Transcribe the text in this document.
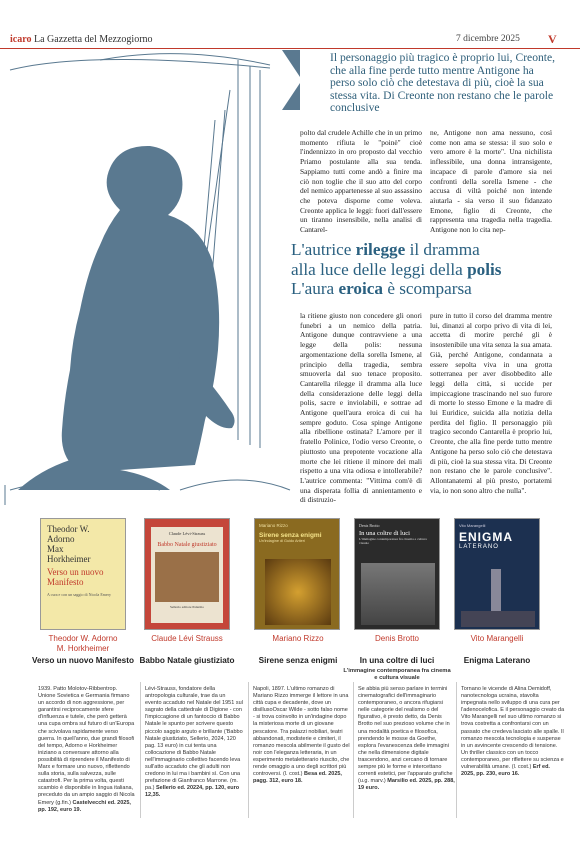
icaro La Gazzetta del Mezzogiorno	7 dicembre 2025 V
Il personaggio più tragico è proprio lui, Creonte, che alla fine perde tutto mentre Antigone ha perso solo ciò che detestava di più, cioè la sua stessa vita. Di Creonte non restano che le parole conclusive
polto dal crudele Achille che in un primo momento rifiuta le "poinè" cioè l'indennizzo in oro proposto dal vecchio Priamo postulante alla sua tenda. Sappiamo tutti come andò a finire ma ciò non toglie che il suo atto del corpo del nemico appartenesse al suo assassino che poteva disporne come voleva. Creonte applica le leggi: fuori dall'essere un tiranno insensibile, nella analisi di Cantarel-
ne, Antigone non ama nessuno, così come non ama se stessa: il suo solo e vero amore è la morte". Una nichilista inflessibile, una donna intransigente, incapace di parole d'amore sia nei confronti della sorella Ismene - che accusa di viltà poiché non intende aiutarla - sia verso il suo fidanzato Emone, figlio di Creonte, che rappresenta una tragedia nella tragedia. Antigone non lo cita nep-
L'autrice rilegge il dramma
alla luce delle leggi della polis
L'aura eroica è scomparsa
la ritiene giusto non concedere gli onori funebri a un nemico della patria. Antigone dunque contravviene a una legge della polis: nessuna argomentazione della sorella Ismene, al principio della tragedia, sembra smuoverla dal suo tenace proposito. Cantarella rilegge il dramma alla luce della considerazione delle leggi della polis, sacre e inviolabili, e sottrae ad Antigone quell'aura eroica di cui ha sempre goduto. Cosa spinge Antigone alla ribellione ostinata? L'amore per il fratello Polinice, l'odio verso Creonte, o piuttosto una prepotente vocazione alla morte che lei ritiene il minore dei mali rispetto a una vita odiosa e intollerabile? L'autrice commenta: "Vittima com'è di una disperata follia di annientamento e di distruzio-
pure in tutto il corso del dramma mentre lui, dinanzi al corpo privo di vita di lei, accetta di morire perché gli è insostenibile una vita senza la sua amata. Già, perché Antigone, condannata a essere sepolta viva in una grotta sotterranea per aver disobbedito alle leggi della città, si uccide per impiccagione trascinando nel suo furore di morte lo stesso Emone e la madre di lui Euridice, suicida alla notizia della perdita del figlio. Il personaggio più tragico secondo Cantarella è proprio lui, Creonte, che alla fine perde tutto mentre Antigone ha perso solo ciò che detestava di più, cioè la sua stessa vita. Di Creonte non restano che le parole conclusive". Allontanatemi al più presto, portatemi via, io non sono altro che nulla".
Theodor W.
Adorno
Max
Horkheimer
Verso un nuovo
Manifesto
A cura e con un saggio di Nicola Emery
Claude Lévi-Strauss
Babbo Natale giustiziato
Sellerio editore Palermo
Mariano Rizzo
Sirene senza enigmi
Un'indagine di Guido Artieri
Denis Brotto
In una coltre di luci
L'immagine contemporanea fra cinema e cultura visuale
Vito Marangelli
ENIGMA
LATERANO
Theodor W. Adorno
M. Horkheimer
Verso un nuovo Manifesto
Claude Lévi Strauss
Babbo Natale giustiziato
Mariano Rizzo
Sirene senza enigmi
Denis Brotto
In una coltre di luci
L'immagine contemporanea fra cinema e cultura visuale
Vito Marangelli
Enigma Laterano
1939. Patto Molotov-Ribbentrop. Unione Sovietica e Germania firmano un accordo di non aggressione, per garantirsi reciprocamente sfere d'influenza e tutele, che però getterà una cupa ombra sul futuro di un'Europa che scivolava rapidamente verso guerra. In quell'anno, due grandi filosofi del tempo, Adorno e Horkheimer iniziano a conversare attorno alla possibilità di riprendere il Manifesto di Marx e formare uno nuovo, riflettendo sulla storia, sulla salvezza, sulle catastrofi. Per la prima volta, questi scambio è disponibile in lingua italiana, preceduto da un ampio saggio di Nicola Emery (g.fin.) Castelvecchi ed. 2025, pp. 192, euro 19.
Lévi-Strauss, fondatore della antropologia culturale, trae da un evento accaduto nel Natale del 1951 sul sagrato della cattedrale di Digione - con l'impiccagione di un fantoccio di Babbo Natale le spunto per scrivere questo piccolo saggio arguto e brillante ('Babbo Natale giustiziato, Sellerio, 2024, 120 pag. 13 euro) in cui tenta una collocazione di Babbo Natale nell'immaginario collettivo facendo leva sull'atto accaduto che gli adulti non credono in lui ma i bambini sì. Con una prefazione di Gianfranco Marrone. (m. pa.) Sellerio ed. 20224, pp. 120, euro 12,35.
Napoli, 1897. L'ultimo romanzo di Mariano Rizzo immerge il lettore in una città cupa e decadente, dove un disillusoOscar Wilde - sotto falso nome - si trova coinvolto in un'indagine dopo la misteriosa morte di un giovane pescatore. Tra palazzi nobiliari, teatri abbandonati, modisterie e cimiteri, il romanzo mescola abilmente il gusto del noir con l'eleganza letteraria, in un esperimento metaletterario riuscito, che rende omaggio a uno degli scrittori più controversi. (l. cost.) Besa ed. 2025, pagg. 312, euro 18.
Se abbia più senso parlare in termini cinematografici dell'immaginario contemporaneo, o ancora rifugiarsi nelle categorie del realismo o del figurativo, è presto detto, da Denis Brotto nel suo prezioso volume che in una modalità poetica e filosofica, prendendo le mosse da Goethe, esplora l'evanescenza delle immagini che nella dimensione digitale trascendono, anzi cercano di tornare sempre più le forme e intercettano correnti estetici, per l'apparato grafiche (u.g. marv.) Marsilio ed. 2025, pp. 288, 19 euro.
Tornano le vicende di Alina Demidoff, nanotecnologa ucraina, stavolta impegnata nello sviluppo di una cura per l'adenocelofica. E il personaggio creato da Vito Marangelli nel suo ultimo romanzo si trova costretta a confrontarsi con un passato che credeva lasciato alle spalle. Il romanzo mescola tecnologia e suspense in un avvincente crescendo di tensione. Un thriller classico con un tocco contemporaneo, per riflettere su scienza e vulnerabilità umane. (l. cost.) Erf ed. 2025, pp. 230, euro 16.
